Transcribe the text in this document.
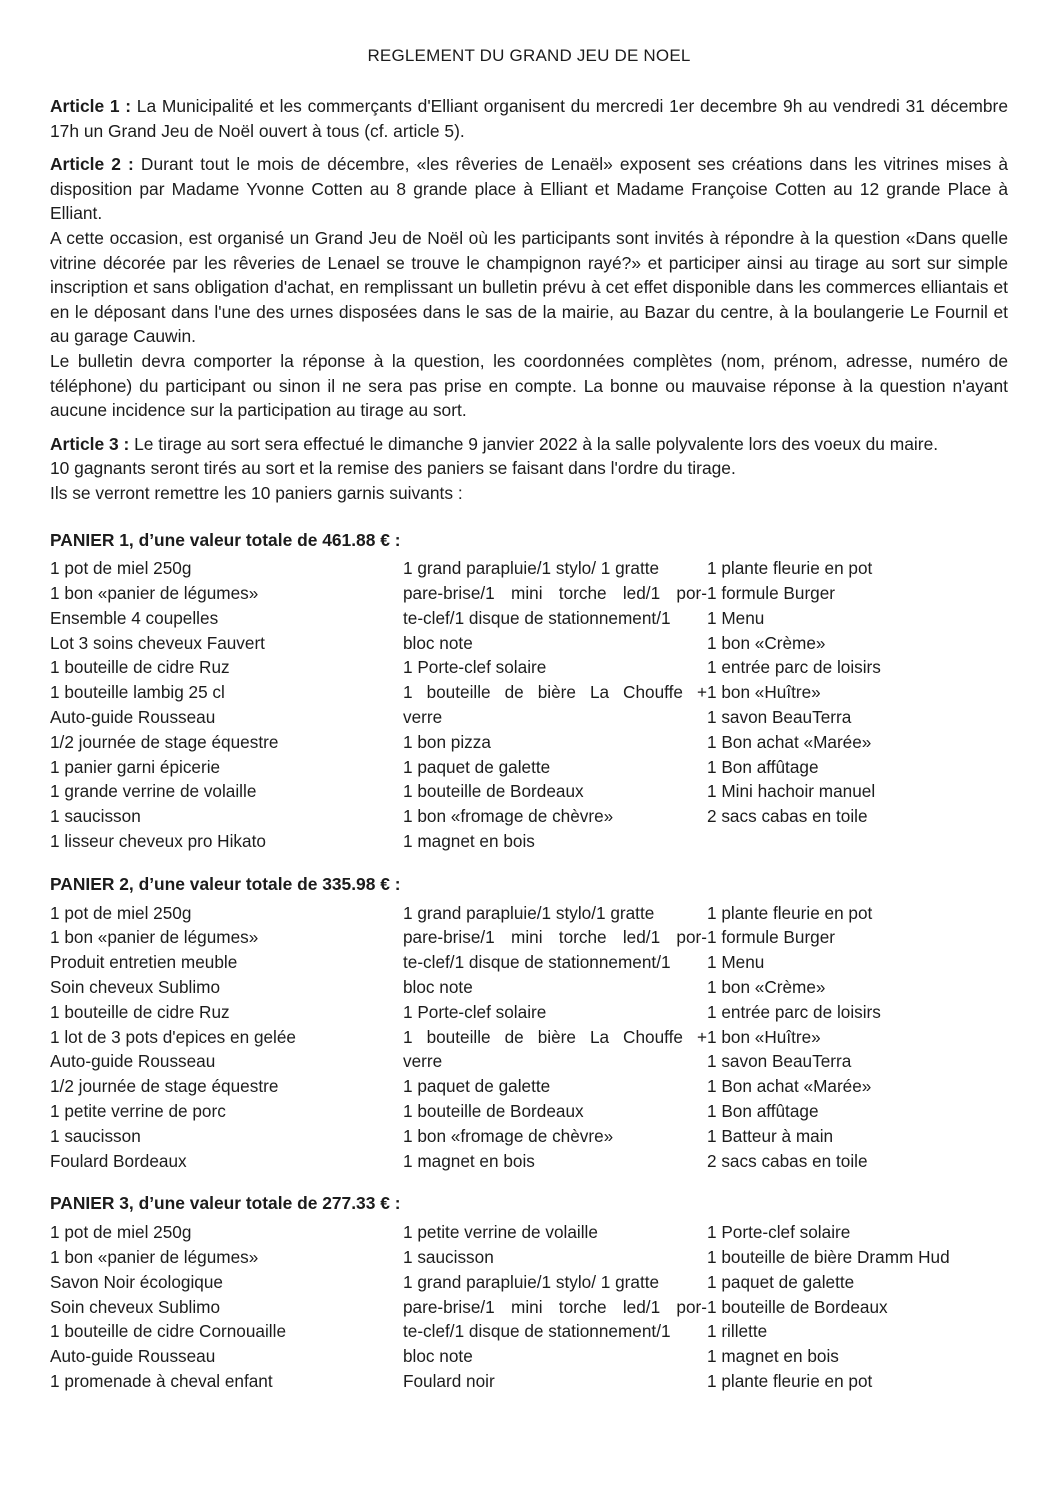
REGLEMENT DU GRAND JEU DE NOEL

Article 1 : La Municipalité et les commerçants d'Elliant organisent du mercredi 1er decembre 9h au vendredi 31 décembre 17h un Grand Jeu de Noël ouvert à tous (cf. article 5).

Article 2 : Durant tout le mois de décembre, «les rêveries de Lenaël» exposent ses créations dans les vitrines mises à disposition par Madame Yvonne Cotten au 8 grande place à Elliant et Madame Françoise Cotten au 12 grande Place à Elliant.

A cette occasion, est organisé un Grand Jeu de Noël où les participants sont invités à répondre à la question «Dans quelle vitrine décorée par les rêveries de Lenael se trouve le champignon rayé?» et participer ainsi au tirage au sort sur simple inscription et sans obligation d'achat, en remplissant un bulletin prévu à cet effet disponible dans les commerces elliantais et en le déposant dans l'une des urnes disposées dans le sas de la mairie, au Bazar du centre, à la boulangerie Le Fournil et au garage Cauwin.

Le bulletin devra comporter la réponse à la question, les coordonnées complètes (nom, prénom, adresse, numéro de téléphone) du participant ou sinon il ne sera pas prise en compte. La bonne ou mauvaise réponse à la question n'ayant aucune incidence sur la participation au tirage au sort.

Article 3 : Le tirage au sort sera effectué le dimanche 9 janvier 2022 à la salle polyvalente lors des voeux du maire.

10 gagnants seront tirés au sort et la remise des paniers se faisant dans l'ordre du tirage.

Ils se verront remettre les 10 paniers garnis suivants :

PANIER 1, d’une valeur totale de 461.88 € :
1 pot de miel 250g
1 bon «panier de légumes»
Ensemble 4 coupelles
Lot 3 soins cheveux Fauvert
1 bouteille de cidre Ruz
1 bouteille lambig 25 cl
Auto-guide Rousseau
1/2 journée de stage équestre
1 panier garni épicerie
1 grande verrine de volaille
1 saucisson
1 lisseur cheveux pro Hikato
1 grand parapluie/1 stylo/ 1 gratte
pare-brise/1 mini torche led/1 por-
te-clef/1 disque de stationnement/1
bloc note
1 Porte-clef solaire
1 bouteille de bière La Chouffe +
verre
1 bon pizza
1 paquet de galette
1 bouteille de Bordeaux
1 bon «fromage de chèvre»
1 magnet en bois
1 plante fleurie en pot
1 formule Burger
1 Menu
1 bon «Crème»
1 entrée parc de loisirs
1 bon «Huître»
1 savon BeauTerra
1 Bon achat «Marée»
1 Bon affûtage
1 Mini hachoir manuel
2 sacs cabas en toile
PANIER 2, d’une valeur totale de 335.98 € :
1 pot de miel 250g
1 bon «panier de légumes»
Produit entretien meuble
Soin cheveux Sublimo
1 bouteille de cidre Ruz
1 lot de 3 pots d'epices en gelée
Auto-guide Rousseau
1/2 journée de stage équestre
1 petite verrine de porc
1 saucisson
Foulard Bordeaux
1 grand parapluie/1 stylo/1 gratte
pare-brise/1 mini torche led/1 por-
te-clef/1 disque de stationnement/1
bloc note
1 Porte-clef solaire
1 bouteille de bière La Chouffe +
verre
1 paquet de galette
1 bouteille de Bordeaux
1 bon «fromage de chèvre»
1 magnet en bois
1 plante fleurie en pot
1 formule Burger
1 Menu
1 bon «Crème»
1 entrée parc de loisirs
1 bon «Huître»
1 savon BeauTerra
1 Bon achat «Marée»
1 Bon affûtage
1 Batteur à main
2 sacs cabas en toile
PANIER 3, d’une valeur totale de 277.33 € :
1 pot de miel 250g
1 bon «panier de légumes»
Savon Noir écologique
Soin cheveux Sublimo
1 bouteille de cidre Cornouaille
Auto-guide Rousseau
1 promenade à cheval enfant
1 petite verrine de volaille
1 saucisson
1 grand parapluie/1 stylo/ 1 gratte
pare-brise/1 mini torche led/1 por-
te-clef/1 disque de stationnement/1
bloc note
Foulard noir
1 Porte-clef solaire
1 bouteille de bière Dramm Hud
1 paquet de galette
1 bouteille de Bordeaux
1 rillette
1 magnet en bois
1 plante fleurie en pot
